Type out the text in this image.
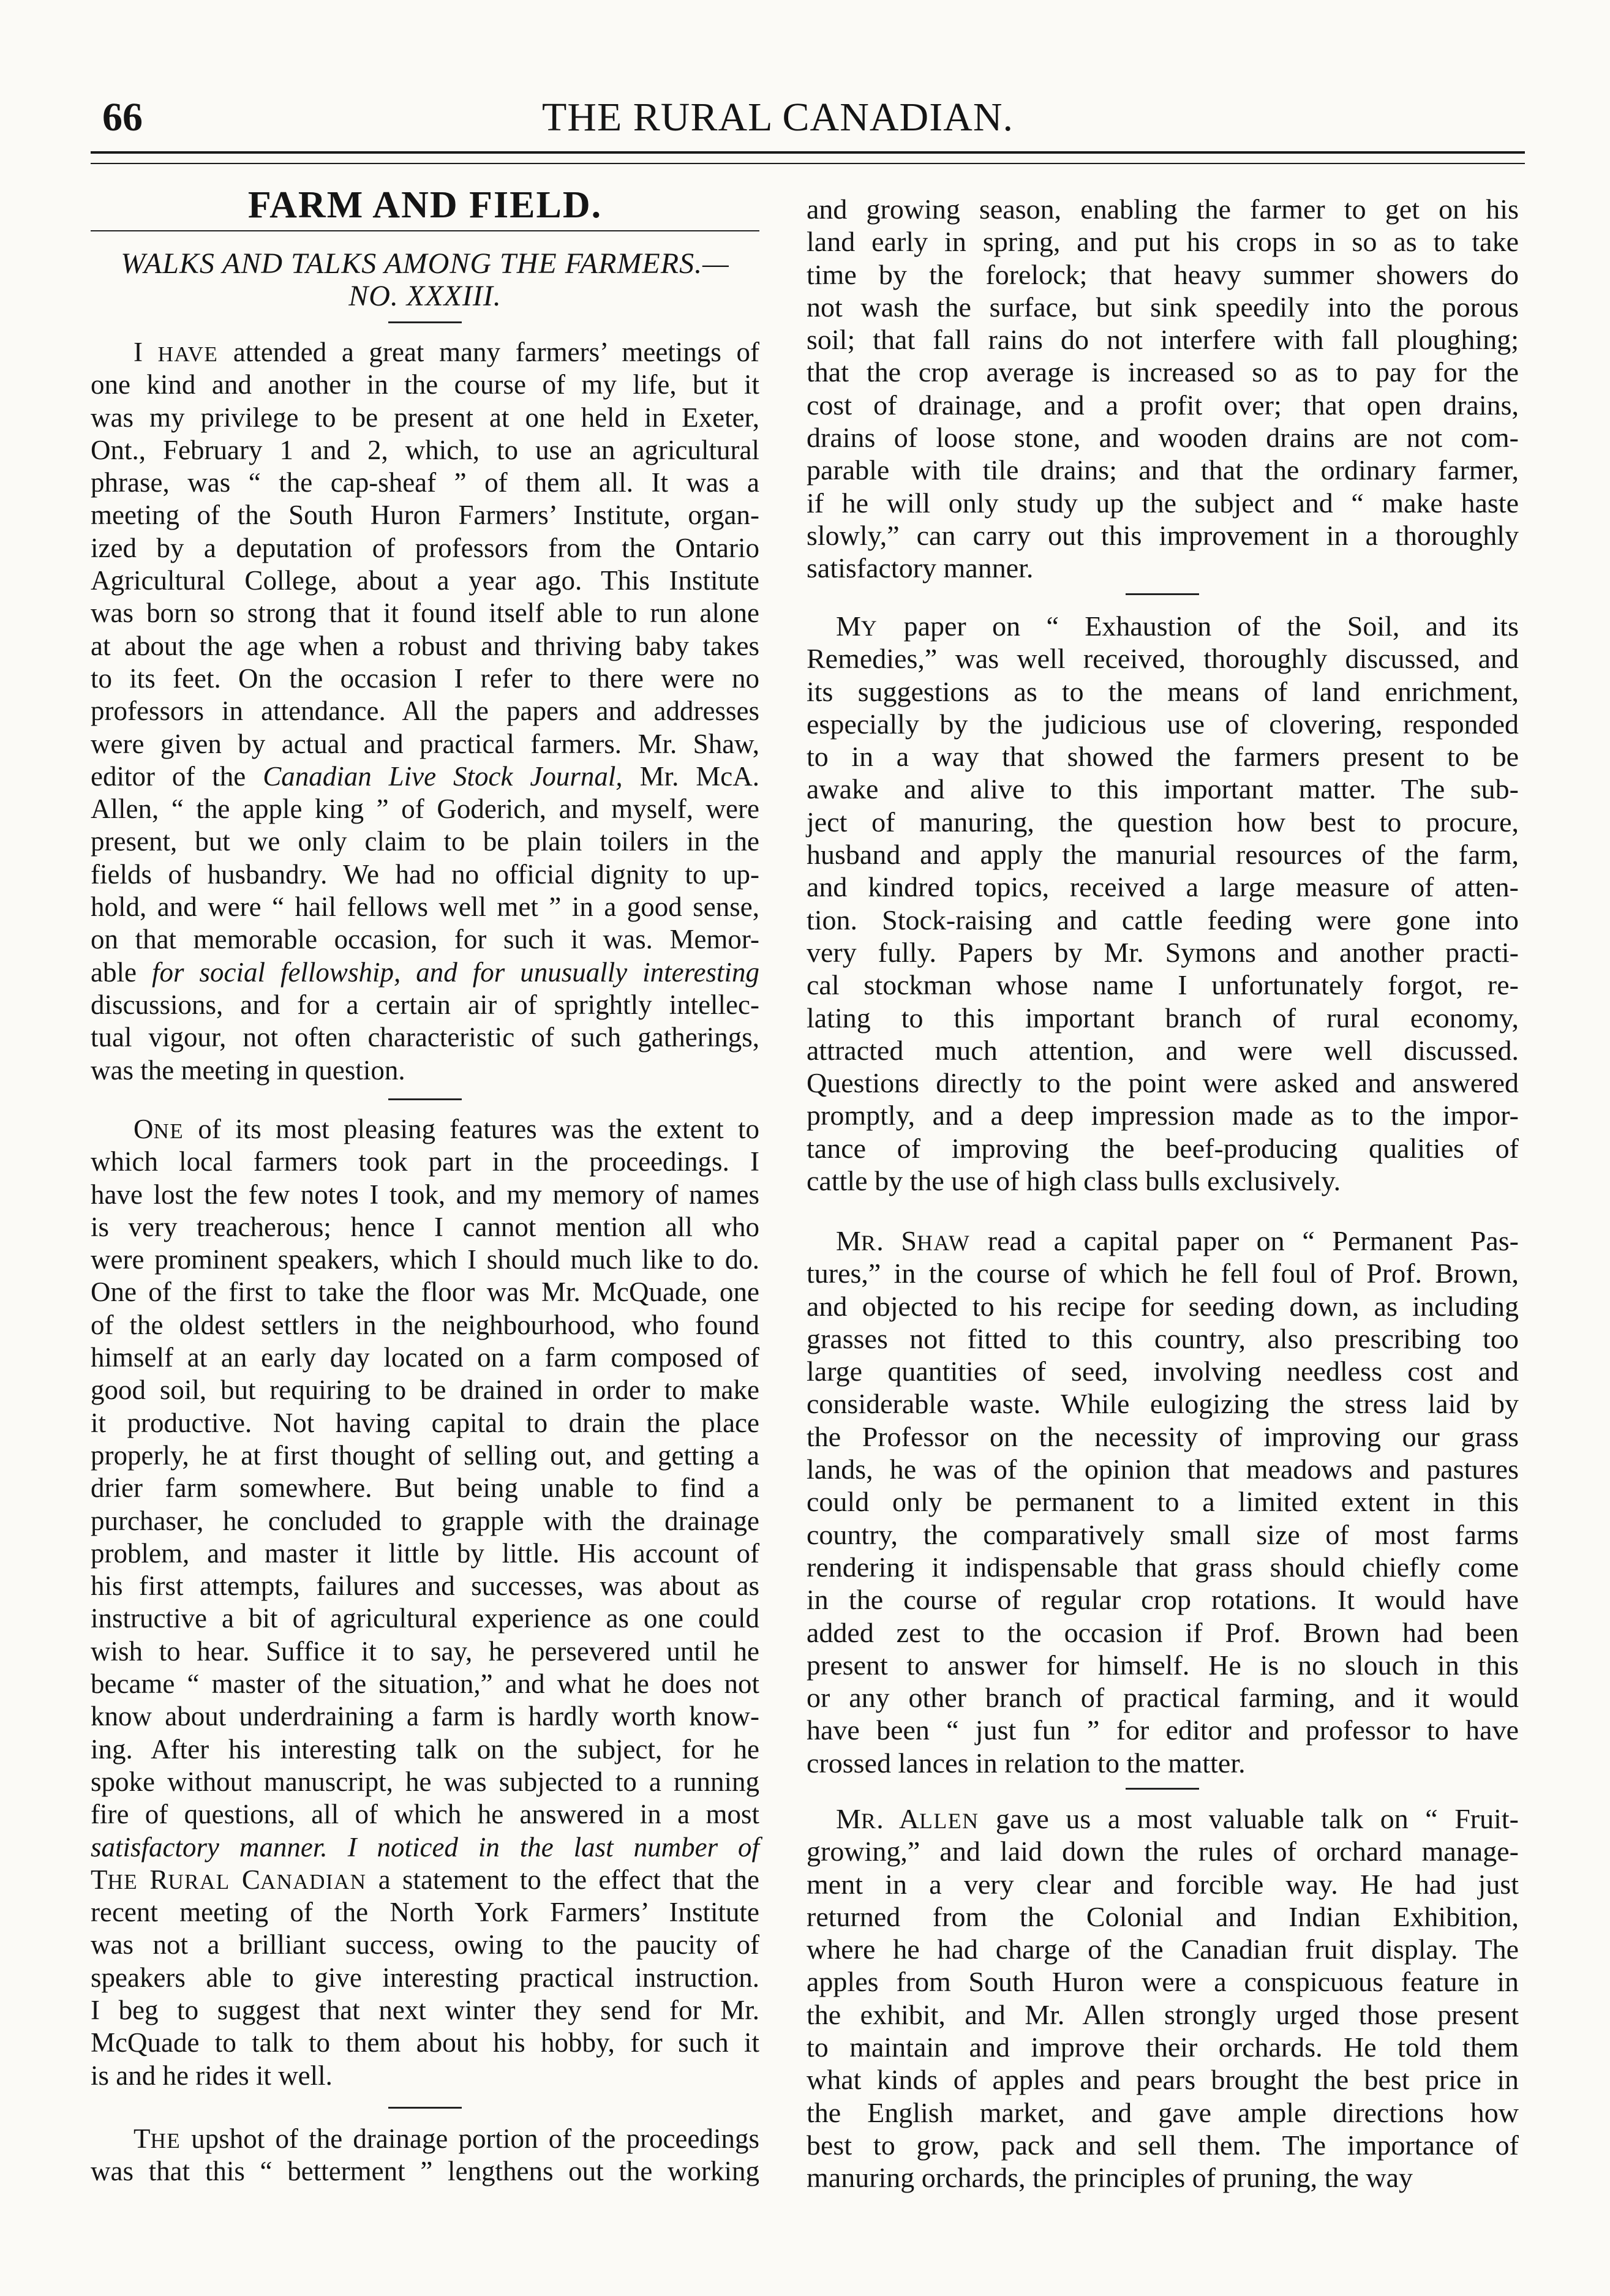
66	THE RURAL CANADIAN.
FARM AND FIELD.
WALKS AND TALKS AMONG THE FARMERS.—
NO. XXXIII.
I HAVE attended a great many farmers’ meetings of
one kind and another in the course of my life, but it
was my privilege to be present at one held in Exeter,
Ont., February 1 and 2, which, to use an agricultural
phrase, was “ the cap-sheaf ” of them all. It was a
meeting of the South Huron Farmers’ Institute, organ-
ized by a deputation of professors from the Ontario
Agricultural College, about a year ago. This Institute
was born so strong that it found itself able to run alone
at about the age when a robust and thriving baby takes
to its feet. On the occasion I refer to there were no
professors in attendance. All the papers and addresses
were given by actual and practical farmers. Mr. Shaw,
editor of the Canadian Live Stock Journal, Mr. McA.
Allen, “ the apple king ” of Goderich, and myself, were
present, but we only claim to be plain toilers in the
fields of husbandry. We had no official dignity to up-
hold, and were “ hail fellows well met ” in a good sense,
on that memorable occasion, for such it was. Memor-
able for social fellowship, and for unusually interesting
discussions, and for a certain air of sprightly intellec-
tual vigour, not often characteristic of such gatherings,
was the meeting in question.
ONE of its most pleasing features was the extent to
which local farmers took part in the proceedings. I
have lost the few notes I took, and my memory of names
is very treacherous; hence I cannot mention all who
were prominent speakers, which I should much like to do.
One of the first to take the floor was Mr. McQuade, one
of the oldest settlers in the neighbourhood, who found
himself at an early day located on a farm composed of
good soil, but requiring to be drained in order to make
it productive. Not having capital to drain the place
properly, he at first thought of selling out, and getting a
drier farm somewhere. But being unable to find a
purchaser, he concluded to grapple with the drainage
problem, and master it little by little. His account of
his first attempts, failures and successes, was about as
instructive a bit of agricultural experience as one could
wish to hear. Suffice it to say, he persevered until he
became “ master of the situation,” and what he does not
know about underdraining a farm is hardly worth know-
ing. After his interesting talk on the subject, for he
spoke without manuscript, he was subjected to a running
fire of questions, all of which he answered in a most
satisfactory manner. I noticed in the last number of
THE RURAL CANADIAN a statement to the effect that the
recent meeting of the North York Farmers’ Institute
was not a brilliant success, owing to the paucity of
speakers able to give interesting practical instruction.
I beg to suggest that next winter they send for Mr.
McQuade to talk to them about his hobby, for such it
is and he rides it well.
THE upshot of the drainage portion of the proceedings
was that this “ betterment ” lengthens out the working
and growing season, enabling the farmer to get on his
land early in spring, and put his crops in so as to take
time by the forelock; that heavy summer showers do
not wash the surface, but sink speedily into the porous
soil; that fall rains do not interfere with fall ploughing;
that the crop average is increased so as to pay for the
cost of drainage, and a profit over; that open drains,
drains of loose stone, and wooden drains are not com-
parable with tile drains; and that the ordinary farmer,
if he will only study up the subject and “ make haste
slowly,” can carry out this improvement in a thoroughly
satisfactory manner.
MY paper on “ Exhaustion of the Soil, and its
Remedies,” was well received, thoroughly discussed, and
its suggestions as to the means of land enrichment,
especially by the judicious use of clovering, responded
to in a way that showed the farmers present to be
awake and alive to this important matter. The sub-
ject of manuring, the question how best to procure,
husband and apply the manurial resources of the farm,
and kindred topics, received a large measure of atten-
tion. Stock-raising and cattle feeding were gone into
very fully. Papers by Mr. Symons and another practi-
cal stockman whose name I unfortunately forgot, re-
lating to this important branch of rural economy,
attracted much attention, and were well discussed.
Questions directly to the point were asked and answered
promptly, and a deep impression made as to the impor-
tance of improving the beef-producing qualities of
cattle by the use of high class bulls exclusively.
MR. SHAW read a capital paper on “ Permanent Pas-
tures,” in the course of which he fell foul of Prof. Brown,
and objected to his recipe for seeding down, as including
grasses not fitted to this country, also prescribing too
large quantities of seed, involving needless cost and
considerable waste. While eulogizing the stress laid by
the Professor on the necessity of improving our grass
lands, he was of the opinion that meadows and pastures
could only be permanent to a limited extent in this
country, the comparatively small size of most farms
rendering it indispensable that grass should chiefly come
in the course of regular crop rotations. It would have
added zest to the occasion if Prof. Brown had been
present to answer for himself. He is no slouch in this
or any other branch of practical farming, and it would
have been “ just fun ” for editor and professor to have
crossed lances in relation to the matter.
MR. ALLEN gave us a most valuable talk on “ Fruit-
growing,” and laid down the rules of orchard manage-
ment in a very clear and forcible way. He had just
returned from the Colonial and Indian Exhibition,
where he had charge of the Canadian fruit display. The
apples from South Huron were a conspicuous feature in
the exhibit, and Mr. Allen strongly urged those present
to maintain and improve their orchards. He told them
what kinds of apples and pears brought the best price in
the English market, and gave ample directions how
best to grow, pack and sell them. The importance of
manuring orchards, the principles of pruning, the way
